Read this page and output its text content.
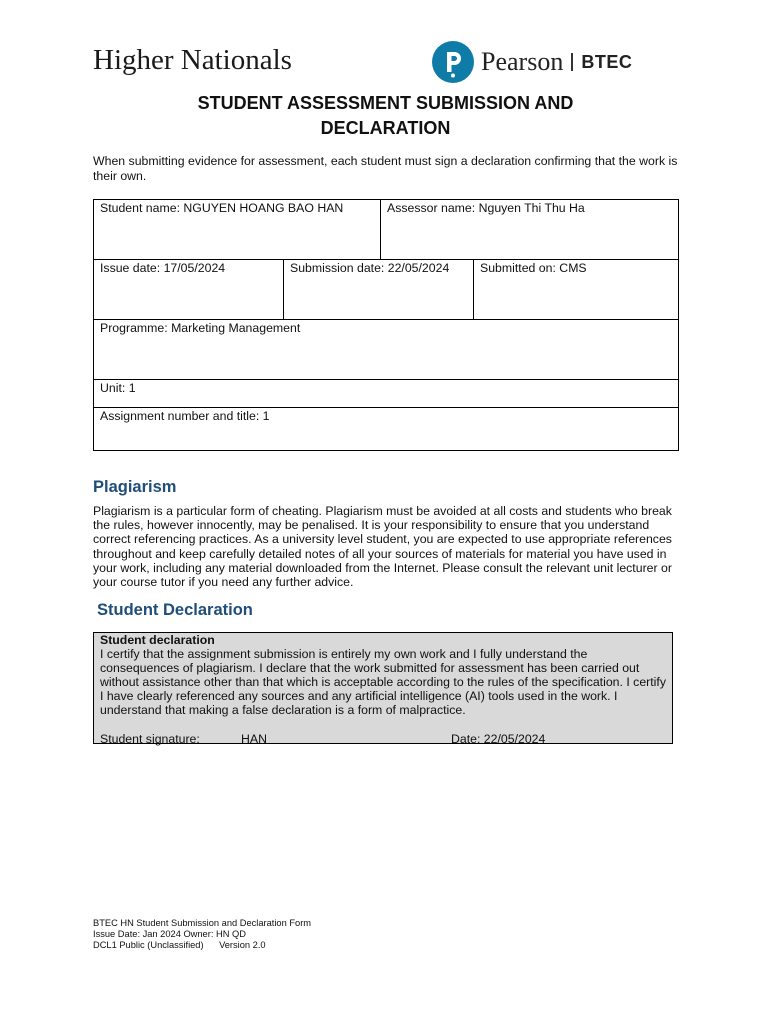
Higher Nationals	Pearson BTEC
STUDENT ASSESSMENT SUBMISSION AND
DECLARATION
When submitting evidence for assessment, each student must sign a declaration confirming that the work is their own.
Student name: NGUYEN HOANG BAO HAN		Assessor name: Nguyen Thi Thu Ha	
Issue date: 17/05/2024	Submission date: 22/05/2024		Submitted on: CMS
Programme: Marketing Management			
Unit: 1			
Assignment number and title: 1			
Plagiarism
Plagiarism is a particular form of cheating. Plagiarism must be avoided at all costs and students who break the rules, however innocently, may be penalised. It is your responsibility to ensure that you understand correct referencing practices. As a university level student, you are expected to use appropriate references throughout and keep carefully detailed notes of all your sources of materials for material you have used in your work, including any material downloaded from the Internet. Please consult the relevant unit lecturer or your course tutor if you need any further advice.
Student Declaration
Student declaration
I certify that the assignment submission is entirely my own work and I fully understand the consequences of plagiarism. I declare that the work submitted for assessment has been carried out without assistance other than that which is acceptable according to the rules of the specification. I certify I have clearly referenced any sources and any artificial intelligence (AI) tools used in the work. I understand that making a false declaration is a form of malpractice.
Student signature:	HAN	Date: 22/05/2024
BTEC HN Student Submission and Declaration Form
Issue Date: Jan 2024 Owner: HN QD
DCL1 Public (Unclassified)      Version 2.0
